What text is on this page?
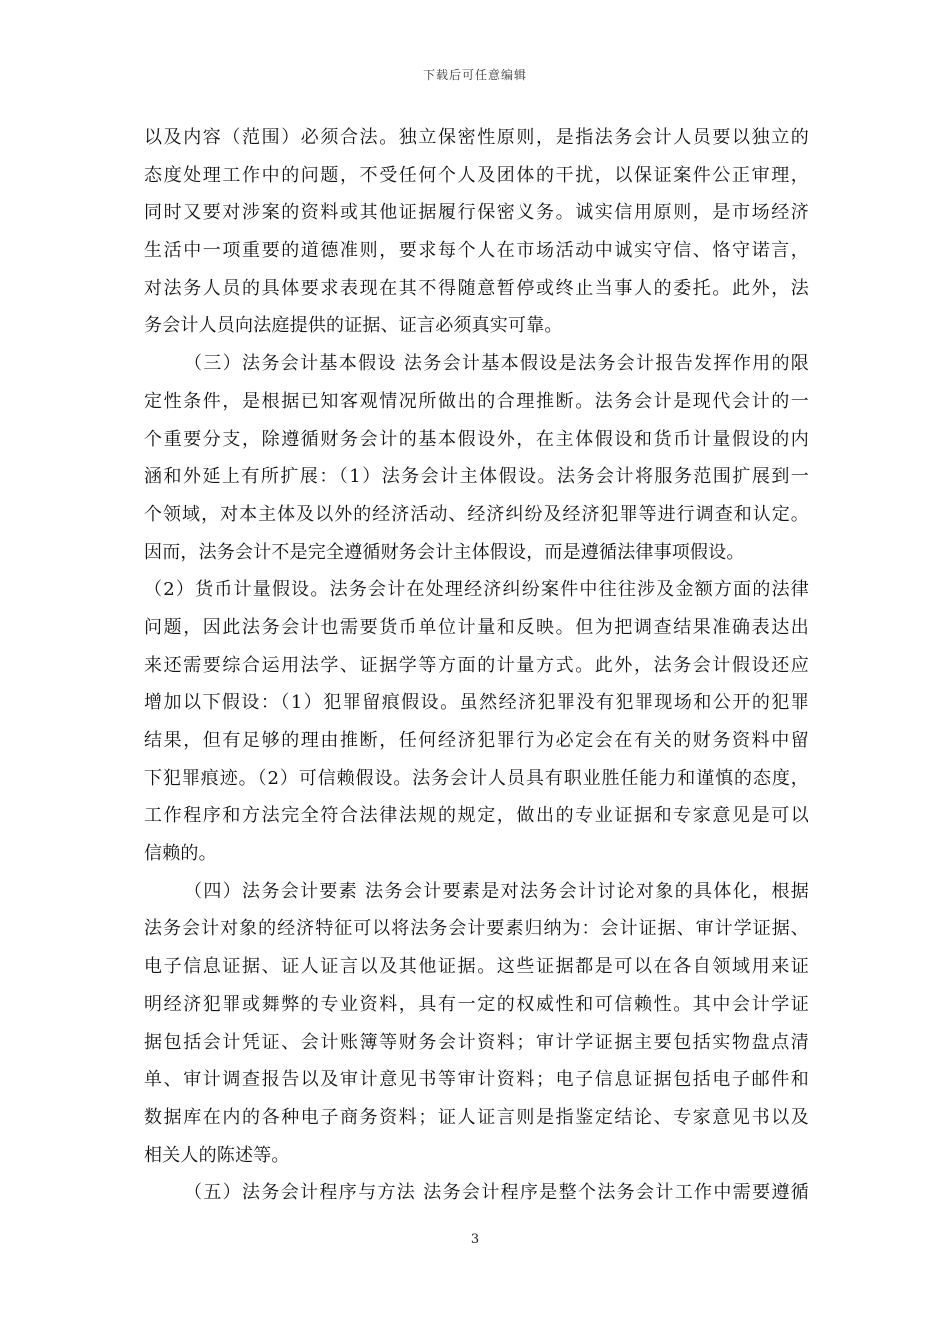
下载后可任意编辑
以及内容（范围）必须合法。独立保密性原则，是指法务会计人员要以独立的
态度处理工作中的问题，不受任何个人及团体的干扰，以保证案件公正审理，
同时又要对涉案的资料或其他证据履行保密义务。诚实信用原则，是市场经济
生活中一项重要的道德准则，要求每个人在市场活动中诚实守信、恪守诺言，
对法务人员的具体要求表现在其不得随意暂停或终止当事人的委托。此外，法
务会计人员向法庭提供的证据、证言必须真实可靠。
（三）法务会计基本假设 法务会计基本假设是法务会计报告发挥作用的限
定性条件，是根据已知客观情况所做出的合理推断。法务会计是现代会计的一
个重要分支，除遵循财务会计的基本假设外，在主体假设和货币计量假设的内
涵和外延上有所扩展：（1）法务会计主体假设。法务会计将服务范围扩展到一
个领域，对本主体及以外的经济活动、经济纠纷及经济犯罪等进行调查和认定。
因而，法务会计不是完全遵循财务会计主体假设，而是遵循法律事项假设。
（2）货币计量假设。法务会计在处理经济纠纷案件中往往涉及金额方面的法律
问题，因此法务会计也需要货币单位计量和反映。但为把调查结果准确表达出
来还需要综合运用法学、证据学等方面的计量方式。此外，法务会计假设还应
增加以下假设：（1）犯罪留痕假设。虽然经济犯罪没有犯罪现场和公开的犯罪
结果，但有足够的理由推断，任何经济犯罪行为必定会在有关的财务资料中留
下犯罪痕迹。（2）可信赖假设。法务会计人员具有职业胜任能力和谨慎的态度，
工作程序和方法完全符合法律法规的规定，做出的专业证据和专家意见是可以
信赖的。
（四）法务会计要素 法务会计要素是对法务会计讨论对象的具体化，根据
法务会计对象的经济特征可以将法务会计要素归纳为：会计证据、审计学证据、
电子信息证据、证人证言以及其他证据。这些证据都是可以在各自领域用来证
明经济犯罪或舞弊的专业资料，具有一定的权威性和可信赖性。其中会计学证
据包括会计凭证、会计账簿等财务会计资料；审计学证据主要包括实物盘点清
单、审计调查报告以及审计意见书等审计资料；电子信息证据包括电子邮件和
数据库在内的各种电子商务资料；证人证言则是指鉴定结论、专家意见书以及
相关人的陈述等。
（五）法务会计程序与方法 法务会计程序是整个法务会计工作中需要遵循
3
